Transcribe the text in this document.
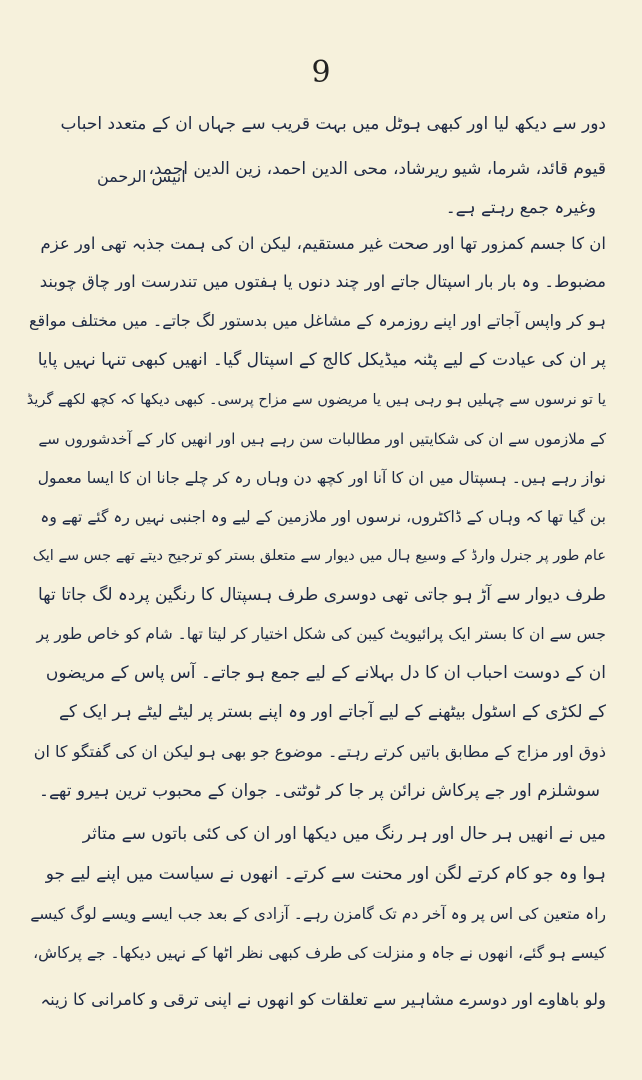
9
دور سے دیکھ لیا اور کبھی ہوٹل میں بہت قریب سے جہاں ان کے متعدد احباب
قیوم قائد، شرما، شیو ریرشاد، محی الدین احمد، زین الدین احمد،
انیس الرحمن
وغیرہ جمع رہتے ہے۔
ان کا جسم کمزور تھا اور صحت غیر مستقیم، لیکن ان کی ہمت جذبہ تھی اور عزم
مضبوط۔ وہ بار بار اسپتال جاتے اور چند دنوں یا ہفتوں میں تندرست اور چاق چوبند
ہو کر واپس آجاتے اور اپنے روزمرہ کے مشاغل میں بدستور لگ جاتے۔ میں مختلف مواقع
پر ان کی عیادت کے لیے پٹنہ میڈیکل کالج کے اسپتال گیا۔ انھیں کبھی تنہا نہیں پایا
یا تو نرسوں سے چہلیں ہو رہی ہیں یا مریضوں سے مزاح پرسی۔ کبھی دیکھا کہ کچھ لکھے گریڈ
کے ملازموں سے ان کی شکایتیں اور مطالبات سن رہے ہیں اور انھیں کار کے آخدشوروں سے
نواز رہے ہیں۔ ہسپتال میں ان کا آنا اور کچھ دن وہاں رہ کر چلے جانا ان کا ایسا معمول
بن گیا تھا کہ وہاں کے ڈاکٹروں، نرسوں اور ملازمین کے لیے وہ اجنبی نہیں رہ گئے تھے وہ
عام طور پر جنرل وارڈ کے وسیع ہال میں دیوار سے متعلق بستر کو ترجیح دیتے تھے جس سے ایک
طرف دیوار سے آڑ ہو جاتی تھی دوسری طرف ہسپتال کا رنگین پردہ لگ جاتا تھا
جس سے ان کا بستر ایک پرائیویٹ کیبن کی شکل اختیار کر لیتا تھا۔ شام کو خاص طور پر
ان کے دوست احباب ان کا دل بہلانے کے لیے جمع ہو جاتے۔ آس پاس کے مریضوں
کے لکڑی کے اسٹول بیٹھنے کے لیے آجاتے اور وہ اپنے بستر پر لیٹے لیٹے ہر ایک کے
ذوق اور مزاج کے مطابق باتیں کرتے رہتے۔ موضوع جو بھی ہو لیکن ان کی گفتگو کا ان
سوشلزم اور جے پرکاش نرائن پر جا کر ٹوٹتی۔ جوان کے محبوب ترین ہیرو تھے۔
میں نے انھیں ہر حال اور ہر رنگ میں دیکھا اور ان کی کئی باتوں سے متاثر
ہوا وہ جو کام کرتے لگن اور محنت سے کرتے۔ انھوں نے سیاست میں اپنے لیے جو
راہ متعین کی اس پر وہ آخر دم تک گامزن رہے۔ آزادی کے بعد جب ایسے ویسے لوگ کیسے
کیسے ہو گئے، انھوں نے جاہ و منزلت کی طرف کبھی نظر اٹھا کے نہیں دیکھا۔ جے پرکاش،
ولو باھاوے اور دوسرے مشاہیر سے تعلقات کو انھوں نے اپنی ترقی و کامرانی کا زینہ
